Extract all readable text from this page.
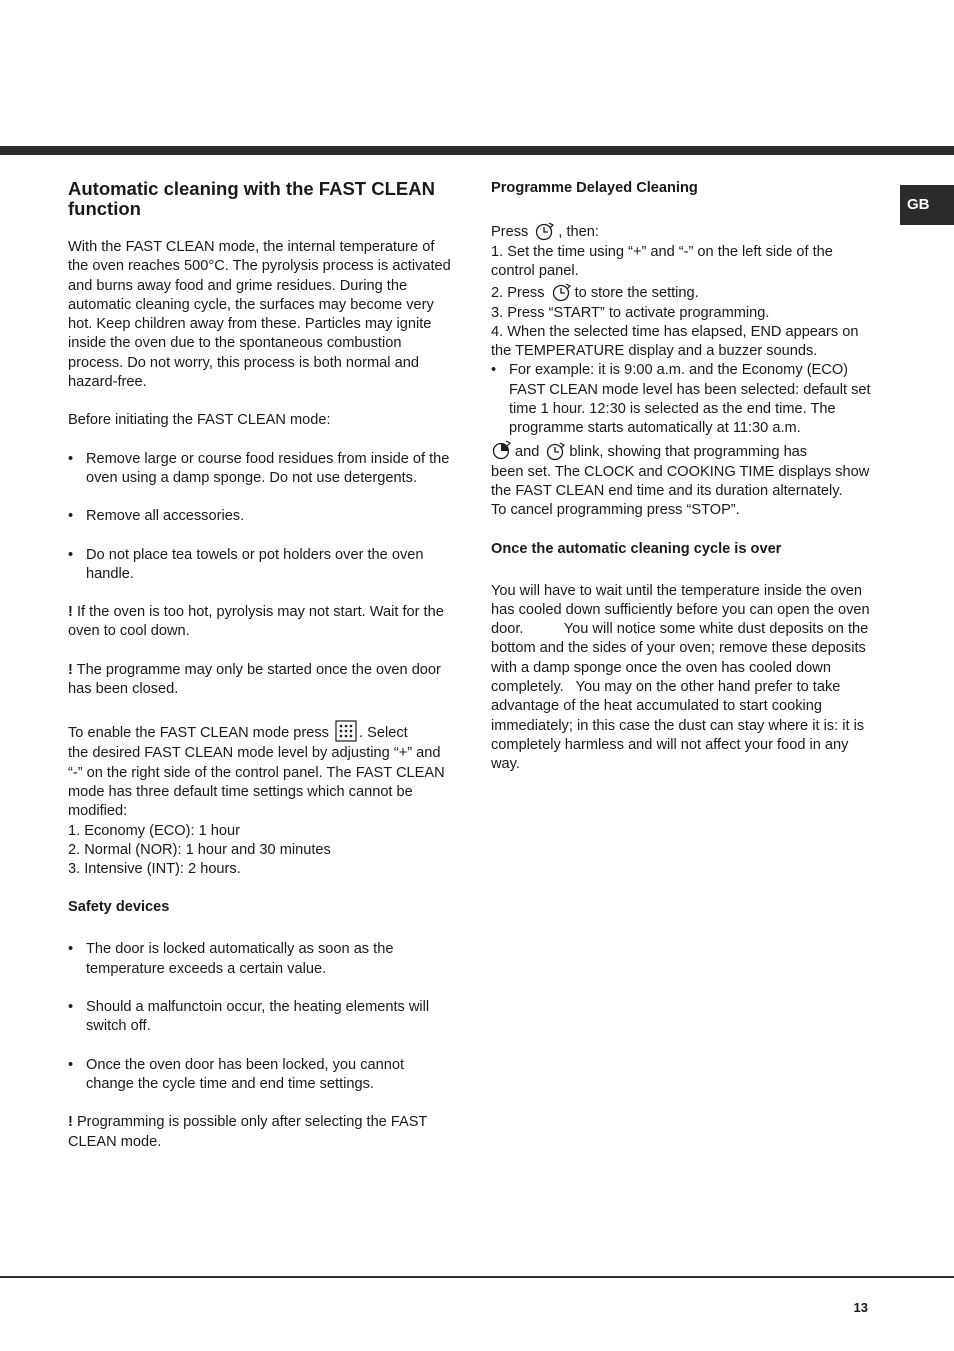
GB
Automatic cleaning with the FAST CLEAN function

With the FAST CLEAN mode, the internal temperature of the oven reaches 500°C. The pyrolysis process is activated and burns away food and grime residues. During the automatic cleaning cycle, the surfaces may become very hot. Keep children away from these. Particles may ignite inside the oven due to the spontaneous combustion process. Do not worry, this process is both normal and hazard-free.

Before initiating the FAST CLEAN mode:

• Remove large or course food residues from inside of the oven using a damp sponge. Do not use detergents.

• Remove all accessories.

• Do not place tea towels or pot holders over the oven handle.

! If the oven is too hot, pyrolysis may not start. Wait for the oven to cool down.

! The programme may only be started once the oven door has been closed.

To enable the FAST CLEAN mode press . Select

the desired FAST CLEAN mode level by adjusting “+” and “-” on the right side of the control panel. The FAST CLEAN mode has three default time settings which cannot be modified:

1. Economy (ECO): 1 hour

2. Normal (NOR): 1 hour and 30 minutes

3. Intensive (INT): 2 hours.

Safety devices

• The door is locked automatically as soon as the temperature exceeds a certain value.

• Should a malfunctoin occur, the heating elements will switch off.

• Once the oven door has been locked, you cannot change the cycle time and end time settings.

! Programming is possible only after selecting the FAST CLEAN mode.

Programme Delayed Cleaning

Press , then:

1. Set the time using “+” and “-” on the left side of the control panel.

2. Press to store the setting.

3. Press “START” to activate programming.

4. When the selected time has elapsed, END appears on the TEMPERATURE display and a buzzer sounds.

• For example: it is 9:00 a.m. and the Economy (ECO) FAST CLEAN mode level has been selected: default set time 1 hour. 12:30 is selected as the end time. The programme starts automatically at 11:30 a.m.

and blink, showing that programming has

been set. The CLOCK and COOKING TIME displays show the FAST CLEAN end time and its duration alternately.

To cancel programming press “STOP”.

Once the automatic cleaning cycle is over

You will have to wait until the temperature inside the oven has cooled down sufficiently before you can open the oven door.          You will notice some white dust deposits on the bottom and the sides of your oven; remove these deposits with a damp sponge once the oven has cooled down completely.   You may on the other hand prefer to take advantage of the heat accumulated to start cooking immediately; in this case the dust can stay where it is: it is completely harmless and will not affect your food in any way.

13
